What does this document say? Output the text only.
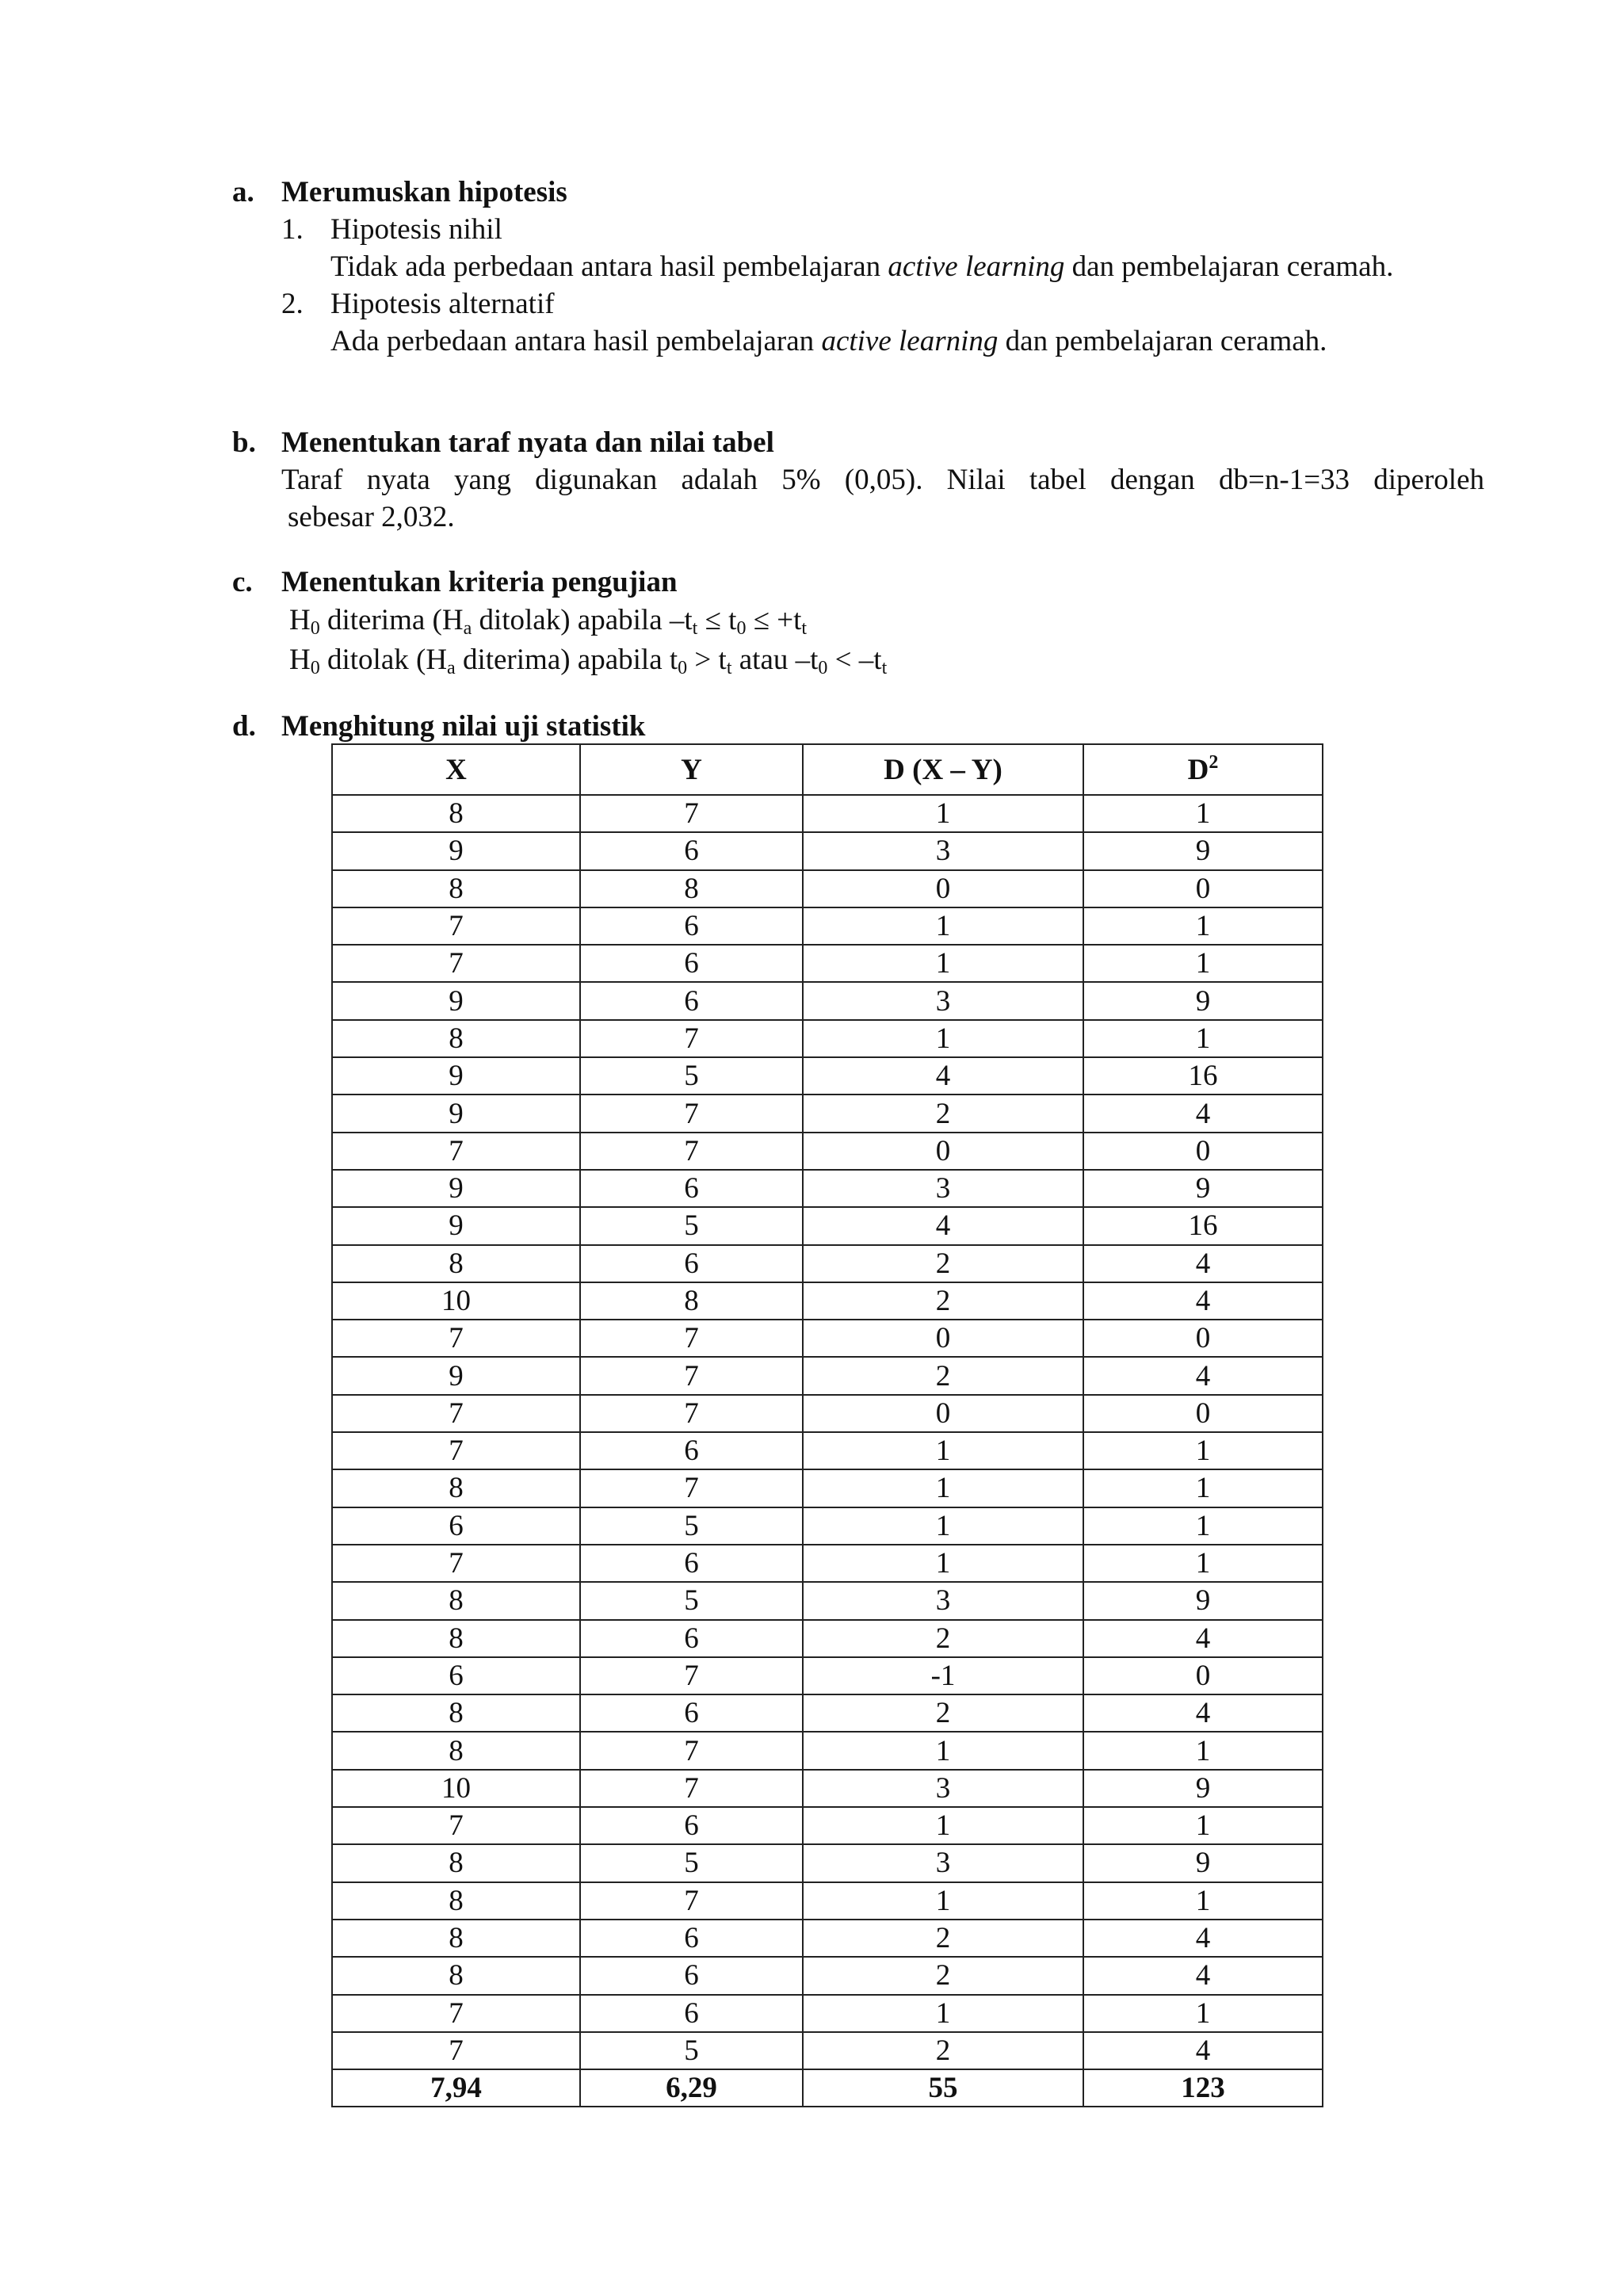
a. Merumuskan hipotesis
1. Hipotesis nihil
Tidak ada perbedaan antara hasil pembelajaran active learning dan pembelajaran ceramah.
2. Hipotesis alternatif
Ada perbedaan antara hasil pembelajaran active learning dan pembelajaran ceramah.
b. Menentukan taraf nyata dan nilai tabel
Taraf nyata yang digunakan adalah 5% (0,05). Nilai tabel dengan db=n-1=33 diperoleh
sebesar 2,032.
c. Menentukan kriteria pengujian
$H_0$ diterima ($H_a$ ditolak) apabila $-t_t \le t_0 \le +t_t$
$H_0$ ditolak ($H_a$ diterima) apabila $t_0 > t_t$ atau $-t_0 < -t_t$
d. Menghitung nilai uji statistik
X	Y	D (X – Y)	$D^2$
8	7	1	1
9	6	3	9
8	8	0	0
7	6	1	1
7	6	1	1
9	6	3	9
8	7	1	1
9	5	4	16
9	7	2	4
7	7	0	0
9	6	3	9
9	5	4	16
8	6	2	4
10	8	2	4
7	7	0	0
9	7	2	4
7	7	0	0
7	6	1	1
8	7	1	1
6	5	1	1
7	6	1	1
8	5	3	9
8	6	2	4
6	7	-1	0
8	6	2	4
8	7	1	1
10	7	3	9
7	6	1	1
8	5	3	9
8	7	1	1
8	6	2	4
8	6	2	4
7	6	1	1
7	5	2	4
7,94	6,29	55	123
